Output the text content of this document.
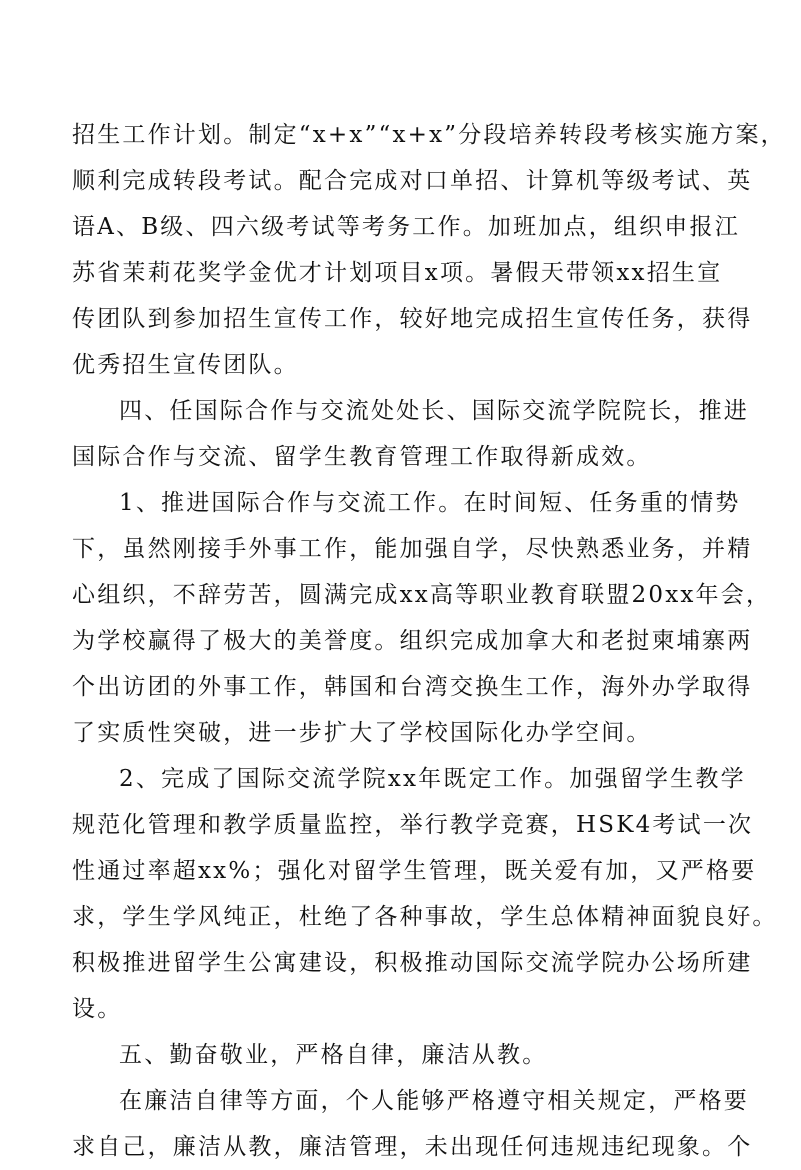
招生工作计划。制定“x+x”“x+x”分段培养转段考核实施方案，
顺利完成转段考试。配合完成对口单招、计算机等级考试、英
语A、B级、四六级考试等考务工作。加班加点，组织申报江
苏省茉莉花奖学金优才计划项目x项。暑假天带领xx招生宣
传团队到参加招生宣传工作，较好地完成招生宣传任务，获得
优秀招生宣传团队。
四、任国际合作与交流处处长、国际交流学院院长，推进
国际合作与交流、留学生教育管理工作取得新成效。
1、推进国际合作与交流工作。在时间短、任务重的情势
下，虽然刚接手外事工作，能加强自学，尽快熟悉业务，并精
心组织，不辞劳苦，圆满完成xx高等职业教育联盟20xx年会，
为学校赢得了极大的美誉度。组织完成加拿大和老挝柬埔寨两
个出访团的外事工作，韩国和台湾交换生工作，海外办学取得
了实质性突破，进一步扩大了学校国际化办学空间。
2、完成了国际交流学院xx年既定工作。加强留学生教学
规范化管理和教学质量监控，举行教学竞赛，HSK4考试一次
性通过率超xx%；强化对留学生管理，既关爱有加，又严格要
求，学生学风纯正，杜绝了各种事故，学生总体精神面貌良好。
积极推进留学生公寓建设，积极推动国际交流学院办公场所建
设。
五、勤奋敬业，严格自律，廉洁从教。
在廉洁自律等方面，个人能够严格遵守相关规定，严格要
求自己，廉洁从教，廉洁管理，未出现任何违规违纪现象。个
